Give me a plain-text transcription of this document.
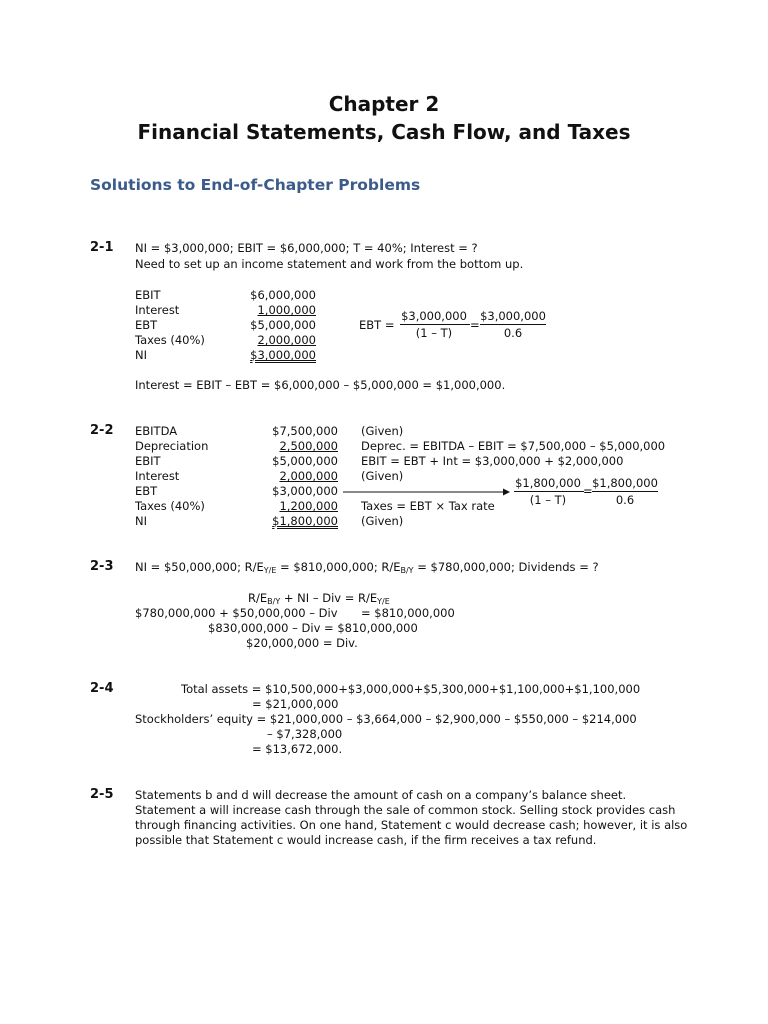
Chapter 2
Financial Statements, Cash Flow, and Taxes
Solutions to End-of-Chapter Problems
2-1 NI = $3,000,000; EBIT = $6,000,000; T = 40%; Interest = ?
Need to set up an income statement and work from the bottom up.
EBIT
Interest
EBT
Taxes (40%)
NI
$6,000,000
1,000,000
$5,000,000
2,000,000
$3,000,000
EBT =
$3,000,000
(1 – T)
=
$3,000,000
0.6
Interest = EBIT – EBT = $6,000,000 – $5,000,000 = $1,000,000.
2-2 EBITDA
Depreciation
EBIT
Interest
EBT
Taxes (40%)
NI
$7,500,000
2,500,000
$5,000,000
2,000,000
$3,000,000
1,200,000
$1,800,000
(Given)
Deprec. = EBITDA – EBIT = $7,500,000 – $5,000,000
EBIT = EBT + Int = $3,000,000 + $2,000,000
(Given)
Taxes = EBT × Tax rate
(Given)
$1,800,000
(1 – T)
=
$1,800,000
0.6
2-3 NI = $50,000,000; $R/E_{Y/E}$ = $810,000,000; $R/E_{B/Y}$ = $780,000,000; Dividends = ?
$R/E_{B/Y}$ + NI – Div = $R/E_{Y/E}$
$780,000,000 + $50,000,000 – Div = $810,000,000
$830,000,000 – Div = $810,000,000
$20,000,000 = Div.
2-4	Total assets = $10,500,000+$3,000,000+$5,300,000+$1,100,000+$1,100,000
= $21,000,000
Stockholders’ equity = $21,000,000 – $3,664,000 – $2,900,000 – $550,000 – $214,000
– $7,328,000
= $13,672,000.
2-5 Statements b and d will decrease the amount of cash on a company’s balance sheet.
Statement a will increase cash through the sale of common stock. Selling stock provides cash
through financing activities. On one hand, Statement c would decrease cash; however, it is also
possible that Statement c would increase cash, if the firm receives a tax refund.
